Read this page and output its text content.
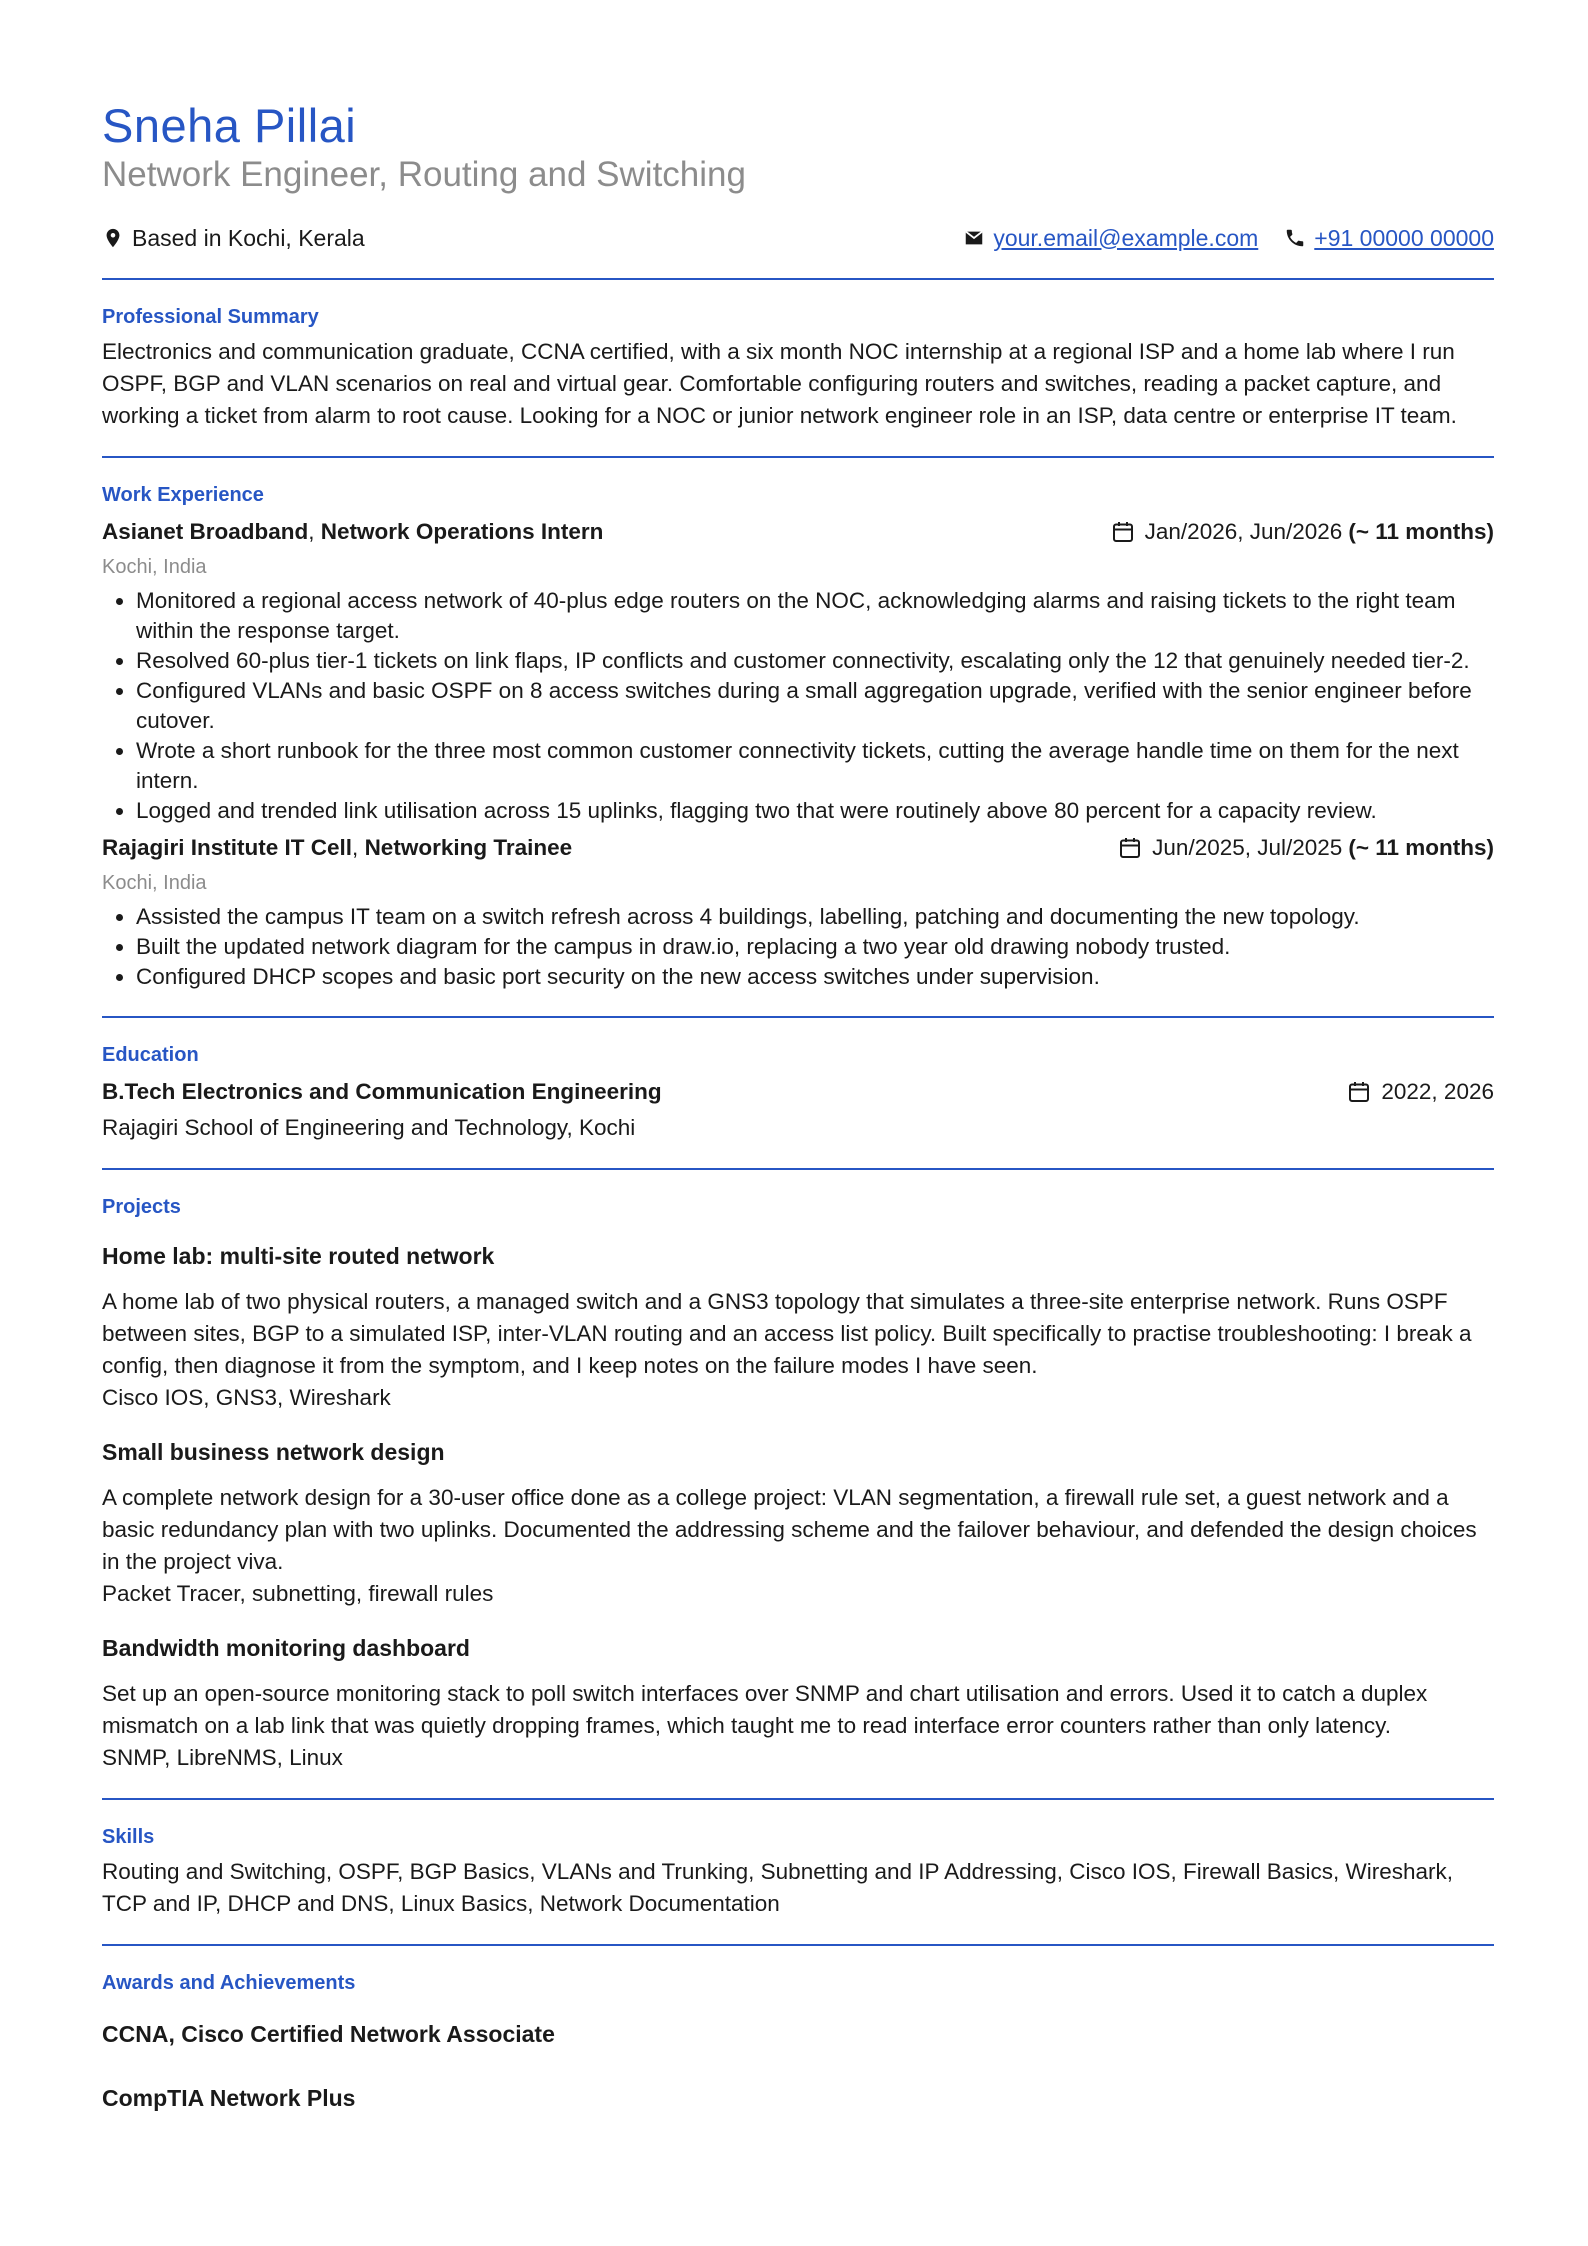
Sneha Pillai
Network Engineer, Routing and Switching
Based in Kochi, Kerala	your.email@example.com +91 00000 00000
Professional Summary
Electronics and communication graduate, CCNA certified, with a six month NOC internship at a regional ISP and a home lab where I run OSPF, BGP and VLAN scenarios on real and virtual gear. Comfortable configuring routers and switches, reading a packet capture, and working a ticket from alarm to root cause. Looking for a NOC or junior network engineer role in an ISP, data centre or enterprise IT team.
Work Experience
Asianet Broadband, Network Operations Intern	Jan/2026, Jun/2026 (~ 11 months)
Kochi, India
• Monitored a regional access network of 40-plus edge routers on the NOC, acknowledging alarms and raising tickets to the right team within the response target.
• Resolved 60-plus tier-1 tickets on link flaps, IP conflicts and customer connectivity, escalating only the 12 that genuinely needed tier-2.
• Configured VLANs and basic OSPF on 8 access switches during a small aggregation upgrade, verified with the senior engineer before cutover.
• Wrote a short runbook for the three most common customer connectivity tickets, cutting the average handle time on them for the next intern.
• Logged and trended link utilisation across 15 uplinks, flagging two that were routinely above 80 percent for a capacity review.
Rajagiri Institute IT Cell, Networking Trainee	Jun/2025, Jul/2025 (~ 11 months)
Kochi, India
• Assisted the campus IT team on a switch refresh across 4 buildings, labelling, patching and documenting the new topology.
• Built the updated network diagram for the campus in draw.io, replacing a two year old drawing nobody trusted.
• Configured DHCP scopes and basic port security on the new access switches under supervision.
Education
B.Tech Electronics and Communication Engineering	2022, 2026
Rajagiri School of Engineering and Technology, Kochi
Projects
Home lab: multi-site routed network
A home lab of two physical routers, a managed switch and a GNS3 topology that simulates a three-site enterprise network. Runs OSPF between sites, BGP to a simulated ISP, inter-VLAN routing and an access list policy. Built specifically to practise troubleshooting: I break a config, then diagnose it from the symptom, and I keep notes on the failure modes I have seen.
Cisco IOS, GNS3, Wireshark
Small business network design
A complete network design for a 30-user office done as a college project: VLAN segmentation, a firewall rule set, a guest network and a basic redundancy plan with two uplinks. Documented the addressing scheme and the failover behaviour, and defended the design choices in the project viva.
Packet Tracer, subnetting, firewall rules
Bandwidth monitoring dashboard
Set up an open-source monitoring stack to poll switch interfaces over SNMP and chart utilisation and errors. Used it to catch a duplex mismatch on a lab link that was quietly dropping frames, which taught me to read interface error counters rather than only latency.
SNMP, LibreNMS, Linux
Skills
Routing and Switching, OSPF, BGP Basics, VLANs and Trunking, Subnetting and IP Addressing, Cisco IOS, Firewall Basics, Wireshark, TCP and IP, DHCP and DNS, Linux Basics, Network Documentation
Awards and Achievements
CCNA, Cisco Certified Network Associate
CompTIA Network Plus
